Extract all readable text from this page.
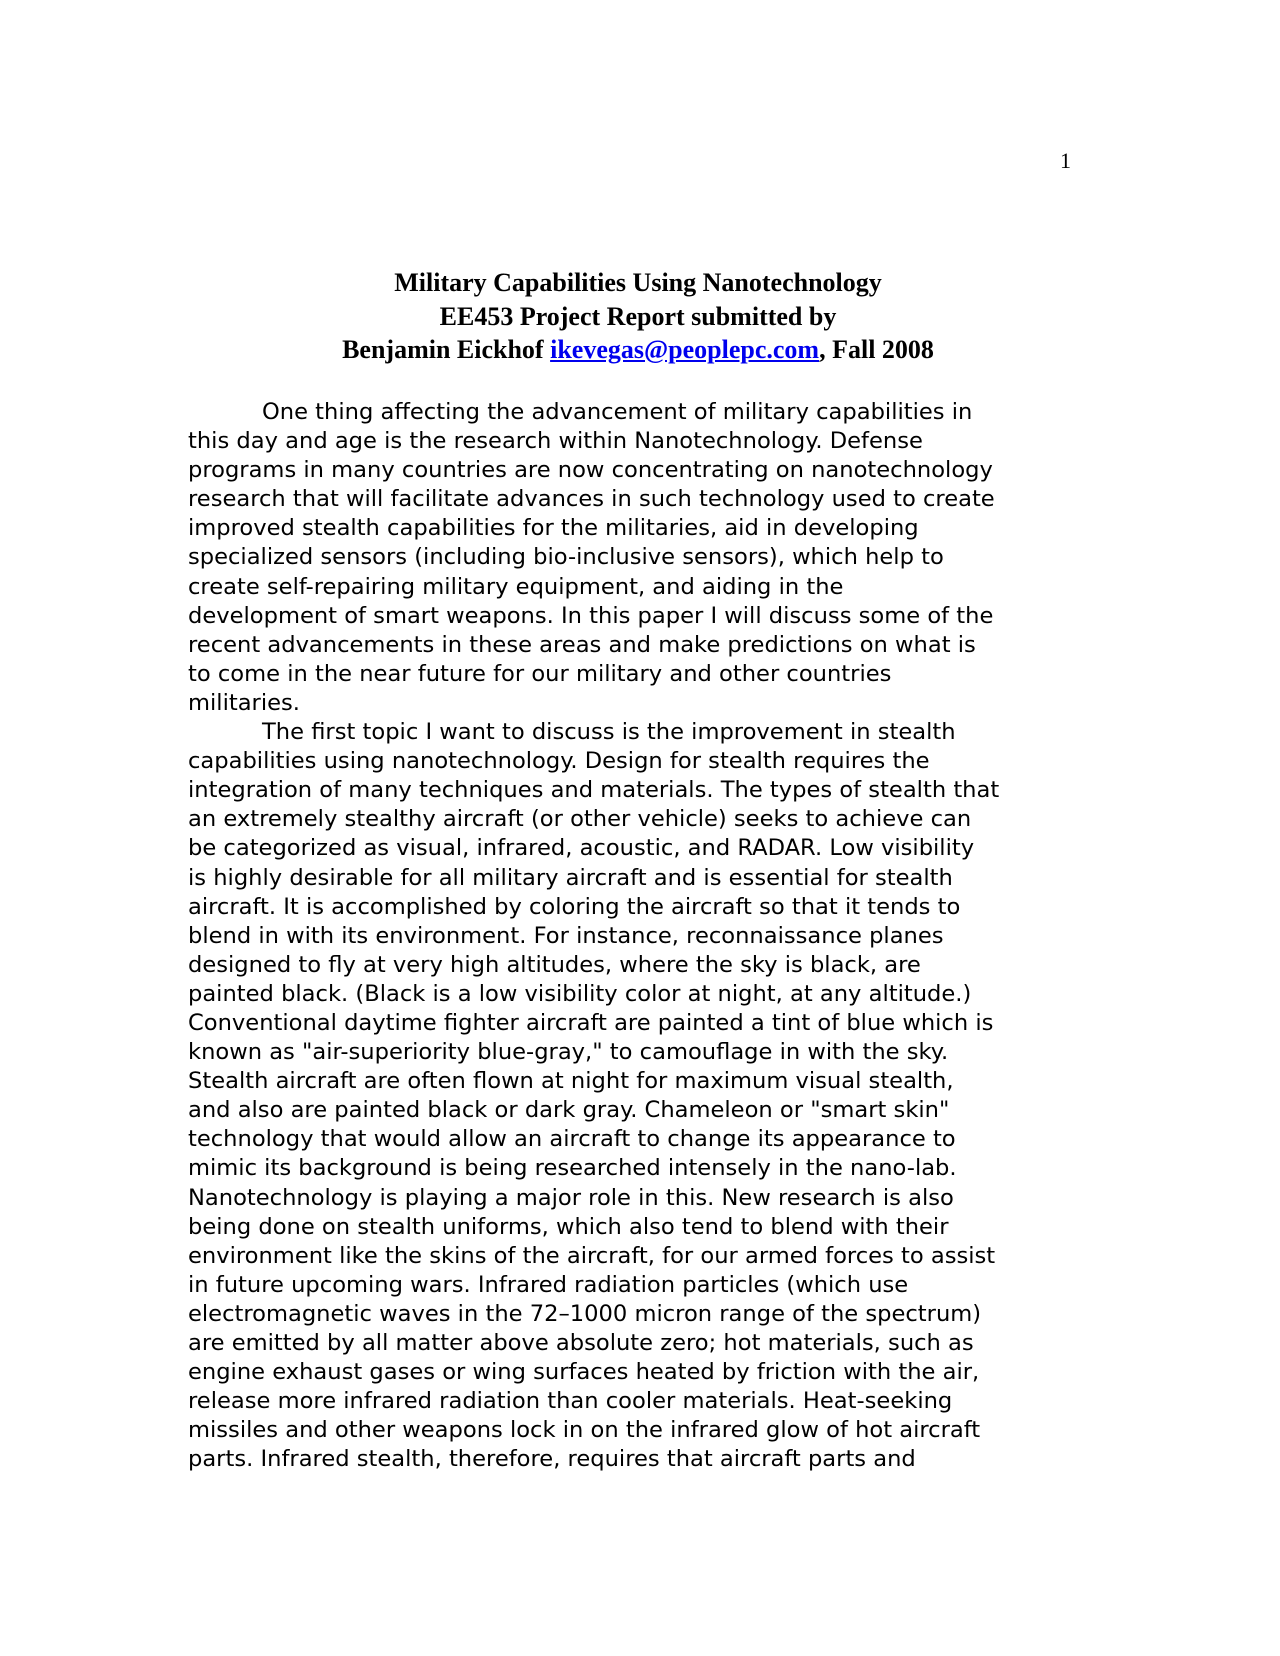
1
Military Capabilities Using Nanotechnology
EE453 Project Report submitted by
Benjamin Eickhof ikevegas@peoplepc.com, Fall 2008
One thing affecting the advancement of military capabilities in
this day and age is the research within Nanotechnology. Defense
programs in many countries are now concentrating on nanotechnology
research that will facilitate advances in such technology used to create
improved stealth capabilities for the militaries, aid in developing
specialized sensors (including bio-inclusive sensors), which help to
create self-repairing military equipment, and aiding in the
development of smart weapons. In this paper I will discuss some of the
recent advancements in these areas and make predictions on what is
to come in the near future for our military and other countries
militaries.
The first topic I want to discuss is the improvement in stealth
capabilities using nanotechnology. Design for stealth requires the
integration of many techniques and materials. The types of stealth that
an extremely stealthy aircraft (or other vehicle) seeks to achieve can
be categorized as visual, infrared, acoustic, and RADAR. Low visibility
is highly desirable for all military aircraft and is essential for stealth
aircraft. It is accomplished by coloring the aircraft so that it tends to
blend in with its environment. For instance, reconnaissance planes
designed to fly at very high altitudes, where the sky is black, are
painted black. (Black is a low visibility color at night, at any altitude.)
Conventional daytime fighter aircraft are painted a tint of blue which is
known as "air-superiority blue-gray," to camouflage in with the sky.
Stealth aircraft are often flown at night for maximum visual stealth,
and also are painted black or dark gray. Chameleon or "smart skin"
technology that would allow an aircraft to change its appearance to
mimic its background is being researched intensely in the nano-lab.
Nanotechnology is playing a major role in this. New research is also
being done on stealth uniforms, which also tend to blend with their
environment like the skins of the aircraft, for our armed forces to assist
in future upcoming wars. Infrared radiation particles (which use
electromagnetic waves in the 72–1000 micron range of the spectrum)
are emitted by all matter above absolute zero; hot materials, such as
engine exhaust gases or wing surfaces heated by friction with the air,
release more infrared radiation than cooler materials. Heat-seeking
missiles and other weapons lock in on the infrared glow of hot aircraft
parts. Infrared stealth, therefore, requires that aircraft parts and
